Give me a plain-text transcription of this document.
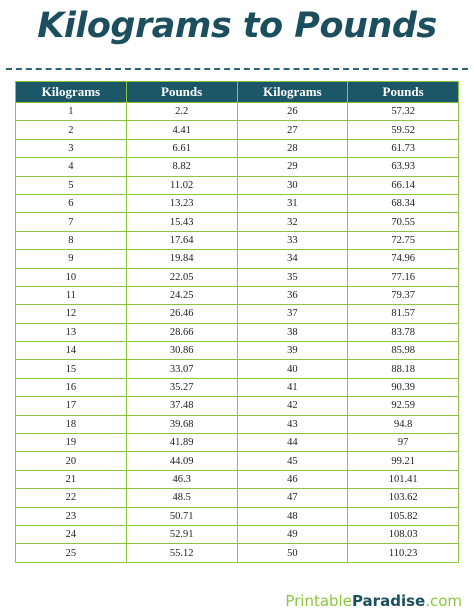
Kilograms to Pounds
Kilograms	Pounds	Kilograms	Pounds
1	2.2	26	57.32
2	4.41	27	59.52
3	6.61	28	61.73
4	8.82	29	63.93
5	11.02	30	66.14
6	13.23	31	68.34
7	15.43	32	70.55
8	17.64	33	72.75
9	19.84	34	74.96
10	22.05	35	77.16
11	24.25	36	79.37
12	26.46	37	81.57
13	28.66	38	83.78
14	30.86	39	85.98
15	33.07	40	88.18
16	35.27	41	90.39
17	37.48	42	92.59
18	39.68	43	94.8
19	41.89	44	97
20	44.09	45	99.21
21	46.3	46	101.41
22	48.5	47	103.62
23	50.71	48	105.82
24	52.91	49	108.03
25	55.12	50	110.23
PrintableParadise.com
